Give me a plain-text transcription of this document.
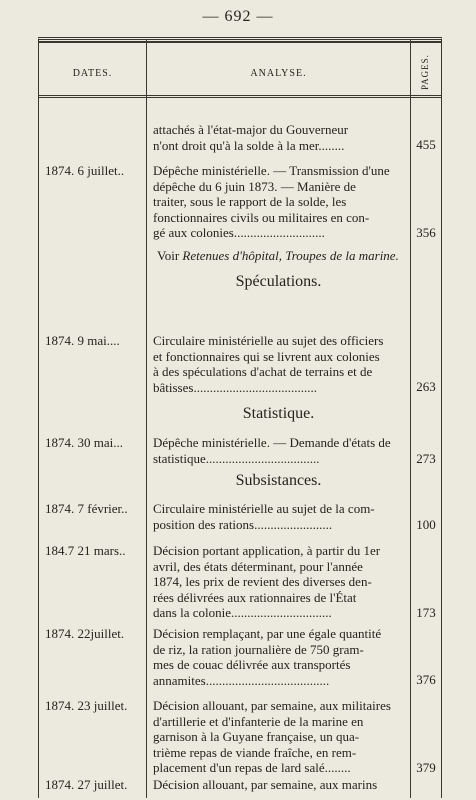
— 692 —
DATES.	ANALYSE.	PAGES.
attachés à l'état-major du Gouverneur
n'ont droit qu'à la solde à la mer........	455
1874. 6 juillet..	Dépêche ministérielle. — Transmission d'une
dépêche du 6 juin 1873. — Manière de
traiter, sous le rapport de la solde, les
fonctionnaires civils ou militaires en con-
gé aux colonies............................	356
Voir Retenues d'hôpital, Troupes de la marine.
Spéculations.
1874. 9 mai....	Circulaire ministérielle au sujet des officiers
et fonctionnaires qui se livrent aux colonies
à des spéculations d'achat de terrains et de
bâtisses......................................	263
Statistique.
1874. 30 mai...	Dépêche ministérielle. — Demande d'états de
statistique...................................	273
Subsistances.
1874. 7 février..	Circulaire ministérielle au sujet de la com-
position des rations........................	100
184.7 21 mars..	Décision portant application, à partir du 1er
avril, des états déterminant, pour l'année
1874, les prix de revient des diverses den-
rées délivrées aux rationnaires de l'État
dans la colonie...............................	173
1874. 22juillet.	Décision remplaçant, par une égale quantité
de riz, la ration journalière de 750 gram-
mes de couac délivrée aux transportés
annamites......................................	376
1874. 23 juillet.	Décision allouant, par semaine, aux militaires
d'artillerie et d'infanterie de la marine en
garnison à la Guyane française, un qua-
trième repas de viande fraîche, en rem-
placement d'un repas de lard salé........	379
1874. 27 juillet.	Décision allouant, par semaine, aux marins
